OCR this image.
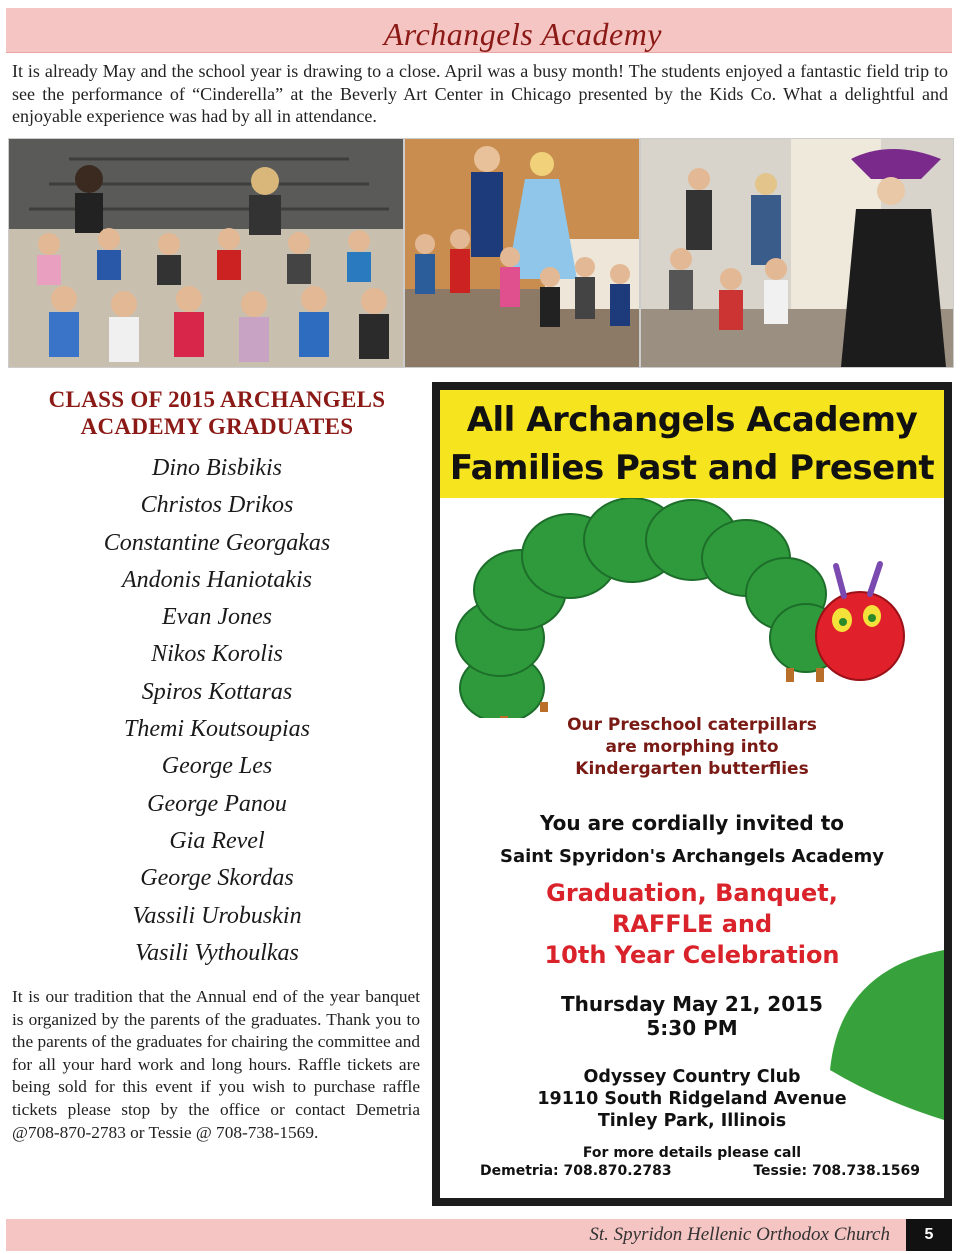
Archangels Academy

It is already May and the school year is drawing to a close. April was a busy month! The students enjoyed a fantastic field trip to see the performance of “Cinderella” at the Beverly Art Center in Chicago presented by the Kids Co. What a delightful and enjoyable experience was had by all in attendance.

CLASS OF 2015 ARCHANGELS
ACADEMY GRADUATES
Dino Bisbikis
Christos Drikos
Constantine Georgakas
Andonis Haniotakis
Evan Jones
Nikos Korolis
Spiros Kottaras
Themi Koutsoupias
George Les
George Panou
Gia Revel
George Skordas
Vassili Urobuskin
Vasili Vythoulkas

It is our tradition that the Annual end of the year banquet is organized by the parents of the graduates. Thank you to the parents of the graduates for chairing the committee and for all your hard work and long hours. Raffle tickets are being sold for this event if you wish to purchase raffle tickets please stop by the office or contact Demetria @708-870-2783 or Tessie @ 708-738-1569.

All Archangels Academy
Families Past and Present
Our Preschool caterpillars
are morphing into
Kindergarten butterflies
You are cordially invited to
Saint Spyridon's Archangels Academy
Graduation, Banquet,
RAFFLE and
10th Year Celebration
Thursday May 21, 2015
5:30 PM
Odyssey Country Club
19110 South Ridgeland Avenue
Tinley Park, Illinois
For more details please call
Demetria: 708.870.2783	Tessie: 708.738.1569
St. Spyridon Hellenic Orthodox Church	5
